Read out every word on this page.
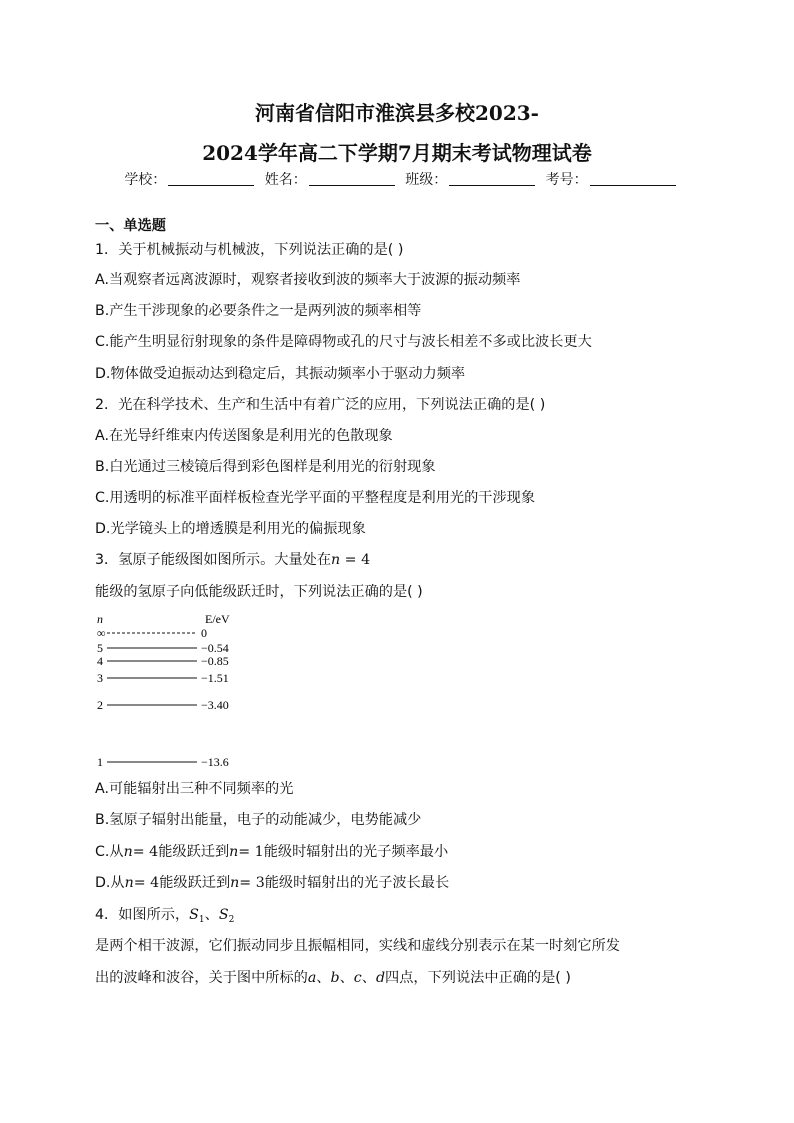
河南省信阳市淮滨县多校2023-
2024学年高二下学期7月期末考试物理试卷
学校：	姓名：	班级：	考号：
一、单选题
1．关于机械振动与机械波，下列说法正确的是( )
A.当观察者远离波源时，观察者接收到波的频率大于波源的振动频率
B.产生干涉现象的必要条件之一是两列波的频率相等
C.能产生明显衍射现象的条件是障碍物或孔的尺寸与波长相差不多或比波长更大
D.物体做受迫振动达到稳定后，其振动频率小于驱动力频率
2．光在科学技术、生产和生活中有着广泛的应用，下列说法正确的是( )
A.在光导纤维束内传送图象是利用光的色散现象
B.白光通过三棱镜后得到彩色图样是利用光的衍射现象
C.用透明的标准平面样板检查光学平面的平整程度是利用光的干涉现象
D.光学镜头上的增透膜是利用光的偏振现象
3．氢原子能级图如图所示。大量处在n = 4
能级的氢原子向低能级跃迁时，下列说法正确的是( )
n	E/eV
∞	0
5	−0.54
4	−0.85
3	−1.51
2	−3.40
1	−13.6
A.可能辐射出三种不同频率的光
B.氢原子辐射出能量，电子的动能减少，电势能减少
C.从n= 4能级跃迁到n= 1能级时辐射出的光子频率最小
D.从n= 4能级跃迁到n= 3能级时辐射出的光子波长最长
4．如图所示，$S_1$、$S_2$
是两个相干波源，它们振动同步且振幅相同，实线和虚线分别表示在某一时刻它所发
出的波峰和波谷，关于图中所标的a、b、c、d四点，下列说法中正确的是( )
